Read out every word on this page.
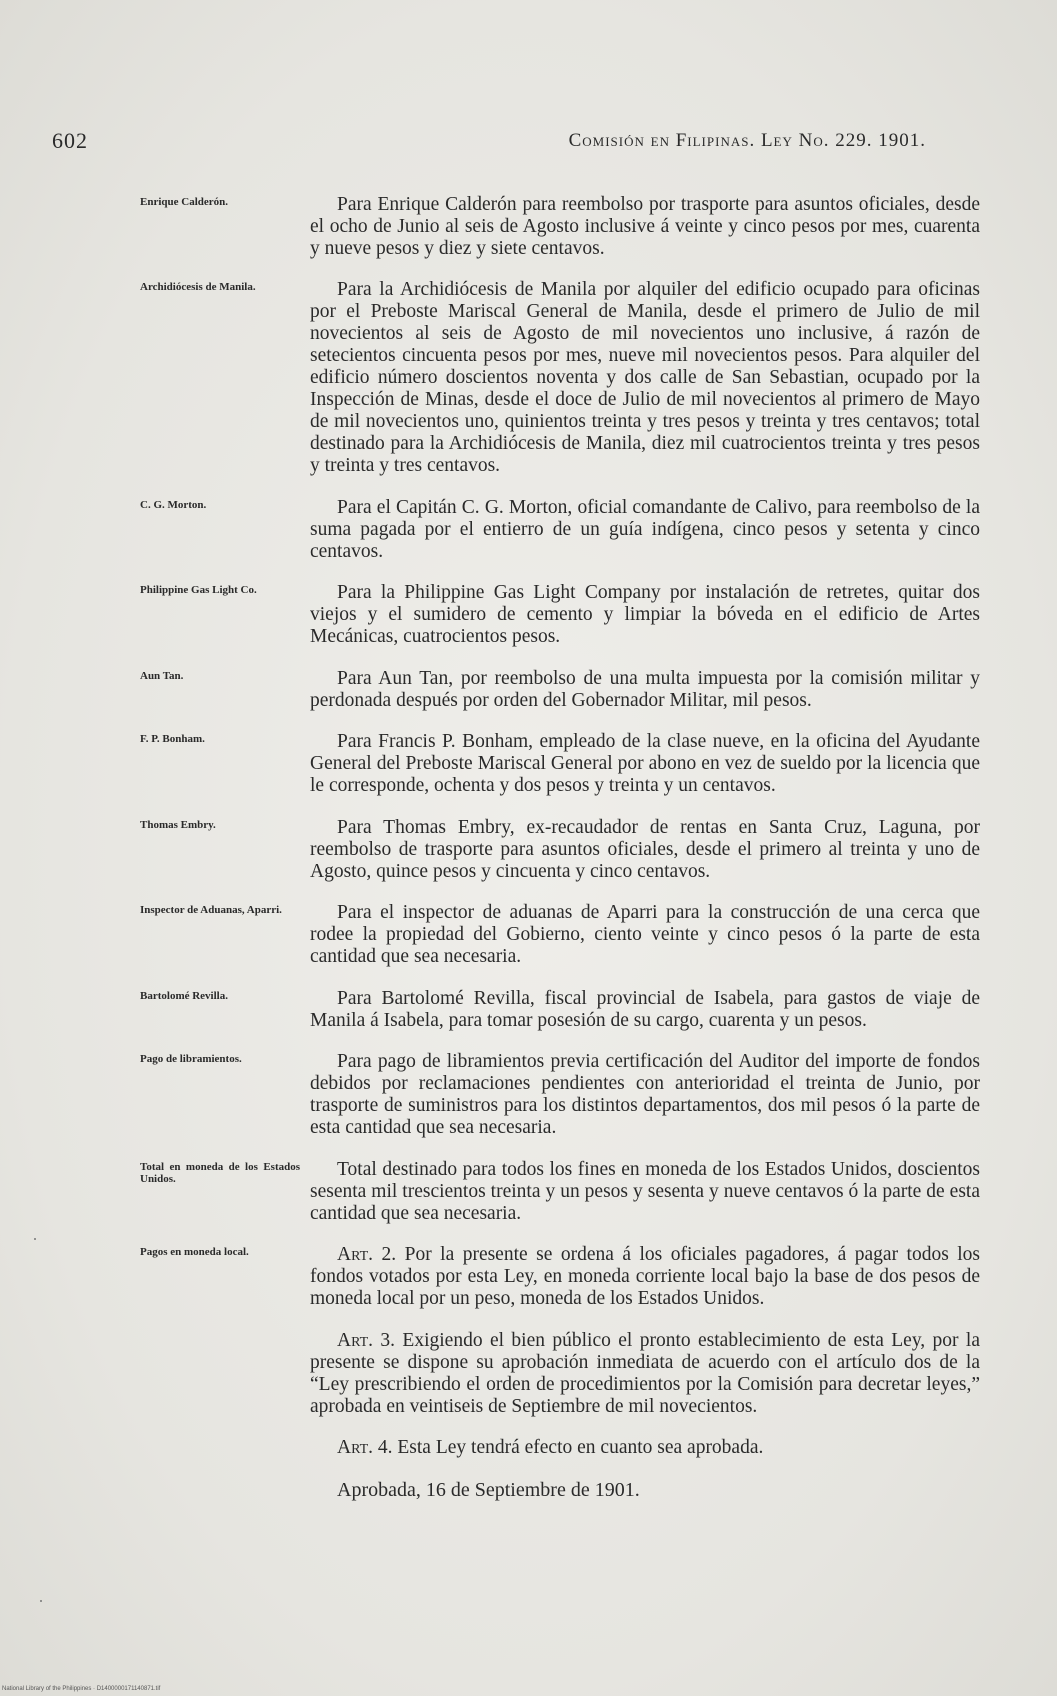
602	Comisión en Filipinas. Ley No. 229. 1901.
Enrique Calderón.	Para Enrique Calderón para reembolso por trasporte para asuntos oficiales, desde el ocho de Junio al seis de Agosto inclusive á veinte y cinco pesos por mes, cuarenta y nueve pesos y diez y siete centavos.

Archidiócesis de Manila.	Para la Archidiócesis de Manila por alquiler del edificio ocupado para oficinas por el Preboste Mariscal General de Manila, desde el primero de Julio de mil novecientos al seis de Agosto de mil novecientos uno inclusive, á razón de setecientos cincuenta pesos por mes, nueve mil novecientos pesos. Para alquiler del edificio número doscientos noventa y dos calle de San Sebastian, ocupado por la Inspección de Minas, desde el doce de Julio de mil novecientos al primero de Mayo de mil novecientos uno, quinientos treinta y tres pesos y treinta y tres centavos; total destinado para la Archidiócesis de Manila, diez mil cuatrocientos treinta y tres pesos y treinta y tres centavos.

C. G. Morton.	Para el Capitán C. G. Morton, oficial comandante de Calivo, para reembolso de la suma pagada por el entierro de un guía indígena, cinco pesos y setenta y cinco centavos.

Philippine Gas Light Co.	Para la Philippine Gas Light Company por instalación de retretes, quitar dos viejos y el sumidero de cemento y limpiar la bóveda en el edificio de Artes Mecánicas, cuatrocientos pesos.

Aun Tan.	Para Aun Tan, por reembolso de una multa impuesta por la comisión militar y perdonada después por orden del Gobernador Militar, mil pesos.

F. P. Bonham.	Para Francis P. Bonham, empleado de la clase nueve, en la oficina del Ayudante General del Preboste Mariscal General por abono en vez de sueldo por la licencia que le corresponde, ochenta y dos pesos y treinta y un centavos.

Thomas Embry.	Para Thomas Embry, ex-recaudador de rentas en Santa Cruz, Laguna, por reembolso de trasporte para asuntos oficiales, desde el primero al treinta y uno de Agosto, quince pesos y cincuenta y cinco centavos.

Inspector de Aduanas, Aparri.	Para el inspector de aduanas de Aparri para la construcción de una cerca que rodee la propiedad del Gobierno, ciento veinte y cinco pesos ó la parte de esta cantidad que sea necesaria.

Bartolomé Revilla.	Para Bartolomé Revilla, fiscal provincial de Isabela, para gastos de viaje de Manila á Isabela, para tomar posesión de su cargo, cuarenta y un pesos.

Pago de libramientos.	Para pago de libramientos previa certificación del Auditor del importe de fondos debidos por reclamaciones pendientes con anterioridad el treinta de Junio, por trasporte de suministros para los distintos departamentos, dos mil pesos ó la parte de esta cantidad que sea necesaria.

Total en moneda de los Estados Unidos.	Total destinado para todos los fines en moneda de los Estados Unidos, doscientos sesenta mil trescientos treinta y un pesos y sesenta y nueve centavos ó la parte de esta cantidad que sea necesaria.

Pagos en moneda local.	Art. 2. Por la presente se ordena á los oficiales pagadores, á pagar todos los fondos votados por esta Ley, en moneda corriente local bajo la base de dos pesos de moneda local por un peso, moneda de los Estados Unidos.

Art. 3. Exigiendo el bien público el pronto establecimiento de esta Ley, por la presente se dispone su aprobación inmediata de acuerdo con el artículo dos de la “Ley prescribiendo el orden de procedimientos por la Comisión para decretar leyes,” aprobada en veintiseis de Septiembre de mil novecientos.

Art. 4. Esta Ley tendrá efecto en cuanto sea aprobada.

Aprobada, 16 de Septiembre de 1901.

National Library of the Philippines · D1400000171140871.tif
